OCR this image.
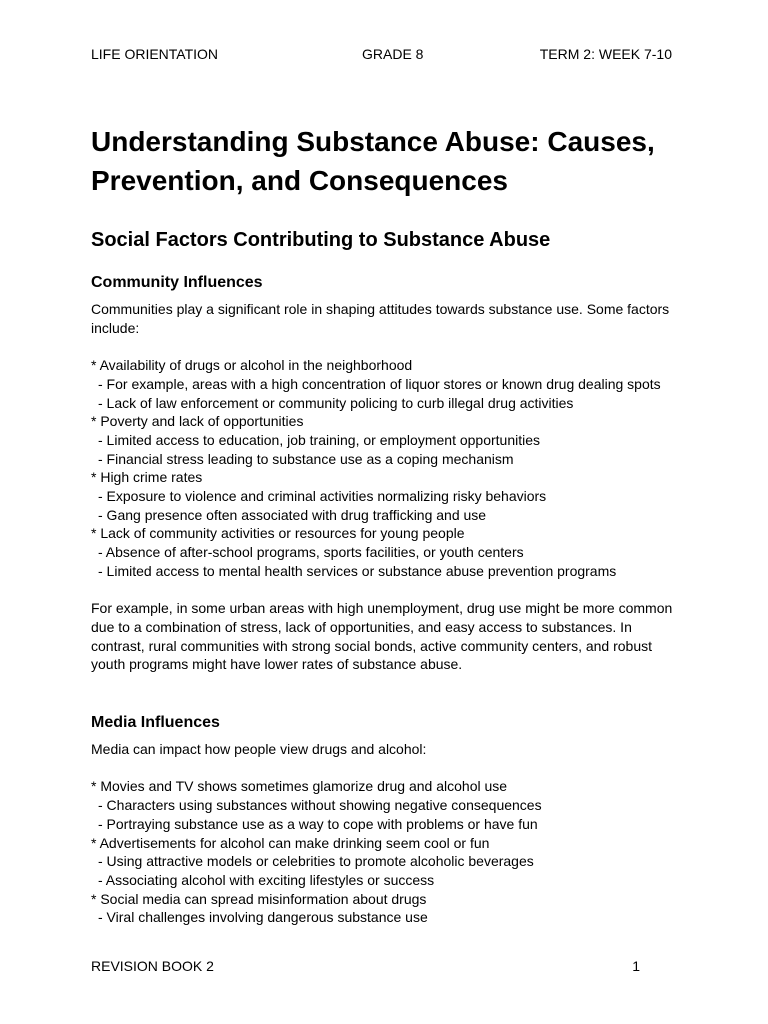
LIFE ORIENTATION	GRADE 8	TERM 2: WEEK 7-10
Understanding Substance Abuse: Causes, Prevention, and Consequences
Social Factors Contributing to Substance Abuse
Community Influences

Communities play a significant role in shaping attitudes towards substance use. Some factors include:

* Availability of drugs or alcohol in the neighborhood
- For example, areas with a high concentration of liquor stores or known drug dealing spots
- Lack of law enforcement or community policing to curb illegal drug activities
* Poverty and lack of opportunities
- Limited access to education, job training, or employment opportunities
- Financial stress leading to substance use as a coping mechanism
* High crime rates
- Exposure to violence and criminal activities normalizing risky behaviors
- Gang presence often associated with drug trafficking and use
* Lack of community activities or resources for young people
- Absence of after-school programs, sports facilities, or youth centers
- Limited access to mental health services or substance abuse prevention programs

For example, in some urban areas with high unemployment, drug use might be more common due to a combination of stress, lack of opportunities, and easy access to substances. In contrast, rural communities with strong social bonds, active community centers, and robust youth programs might have lower rates of substance abuse.

Media Influences

Media can impact how people view drugs and alcohol:

* Movies and TV shows sometimes glamorize drug and alcohol use
- Characters using substances without showing negative consequences
- Portraying substance use as a way to cope with problems or have fun
* Advertisements for alcohol can make drinking seem cool or fun
- Using attractive models or celebrities to promote alcoholic beverages
- Associating alcohol with exciting lifestyles or success
* Social media can spread misinformation about drugs
- Viral challenges involving dangerous substance use
REVISION BOOK 2	1
